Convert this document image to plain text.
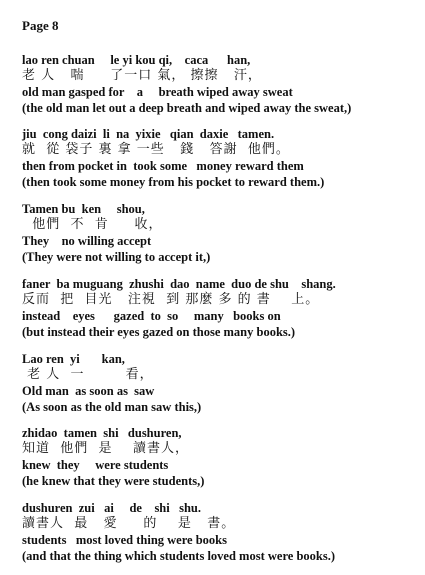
Page 8
lao ren chuan     le yi kou qi,    caca      han,
老 人   喘     了一口 氣， 擦擦   汗，
old man gasped for    a     breath wiped away sweat
(the old man let out a deep breath and wiped away the sweat,)
jiu  cong daizi  li  na  yixie   qian  daxie   tamen.
就  從 袋子 裏 拿 一些   錢   答謝  他們。
then from pocket in  took some   money reward them
(then took some money from his pocket to reward them.)
Tamen bu  ken     shou,
他們  不  肯     收，
They    no willing accept
(They were not willing to accept it,)
faner  ba muguang  zhushi  dao  name  duo de shu    shang.
反而  把  目光   注視  到 那麼 多 的 書    上。
instead    eyes      gazed  to  so     many   books on
(but instead their eyes gazed on those many books.)
Lao ren  yi       kan,
老 人  一        看，
Old man  as soon as  saw
(As soon as the old man saw this,)
zhidao  tamen  shi   dushuren,
知道  他們  是    讀書人，
knew  they     were students
(he knew that they were students,)
dushuren  zui   ai     de    shi   shu.
讀書人  最   愛     的    是   書。
students   most loved thing were books
(and that the thing which students loved most were books.)
